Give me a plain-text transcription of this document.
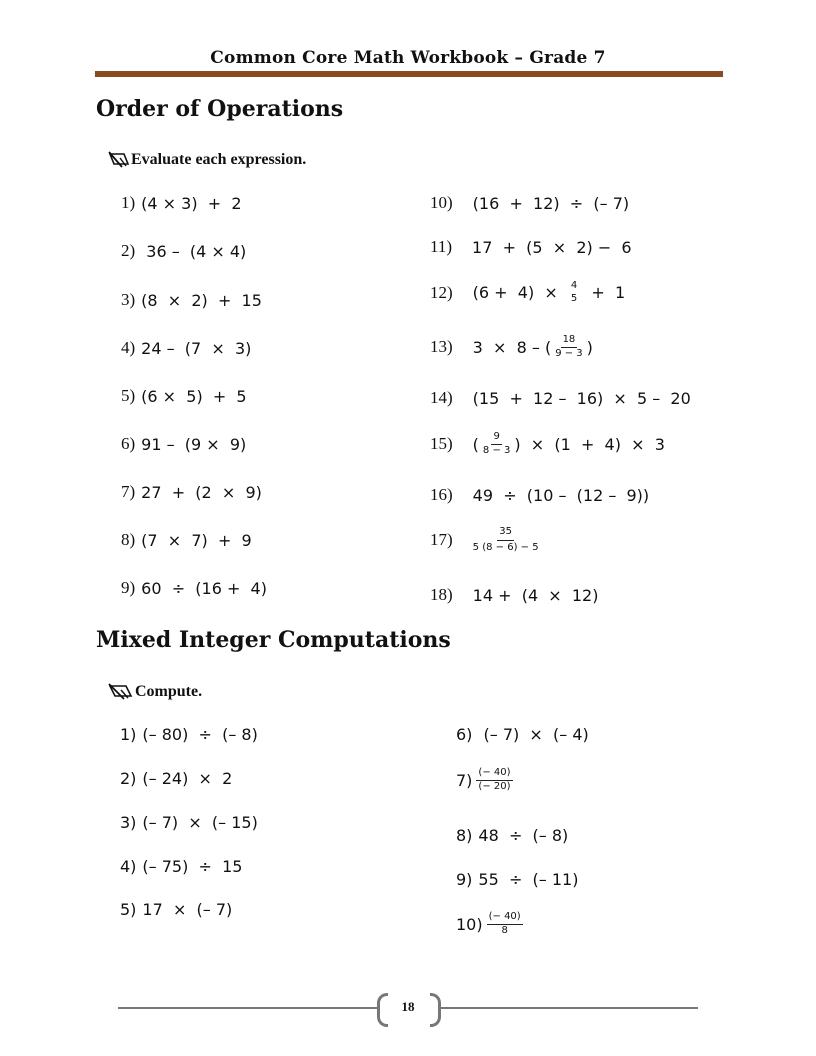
Common Core Math Workbook – Grade 7
Order of Operations
Evaluate each expression.
1) (4 × 3)  +  2
2) 36 –  (4 × 4)
3) (8  ×  2)  +  15
4) 24 –  (7  ×  3)
5) (6 ×  5)  +  5
6) 91 –  (9 ×  9)
7) 27  +  (2  ×  9)
8) (7  ×  7)  +  9
9) 60  ÷  (16 +  4)
10) (16  +  12)  ÷  (– 7)
11) 17  +  (5  ×  2) −  6
12) (6 +  4)  × 4
5 +  1
13) 3  ×  8 – ( $\frac{18}{9 - 3}$ )
14) (15  +  12 –  16)  ×  5 –  20
15) ( $\frac{9}{8 - 3}$ )  ×  (1  +  4)  ×  3
16) 49  ÷  (10 –  (12 –  9))
$17) \frac{35}{5 (8 - 6) - 5}$
18) 14 +  (4  ×  12)
Mixed Integer Computations
Compute.
1) (– 80)  ÷  (– 8)
2) (– 24)  ×  2
3) (– 7)  ×  (– 15)
4) (– 75)  ÷  15
5) 17  ×  (– 7)
6) (– 7)  ×  (– 4)
$7) \frac{(- 40)}{(- 20)}$
8) 48  ÷  (– 8)
9) 55  ÷  (– 11)
$10) \frac{(- 40)}{8}$
18
